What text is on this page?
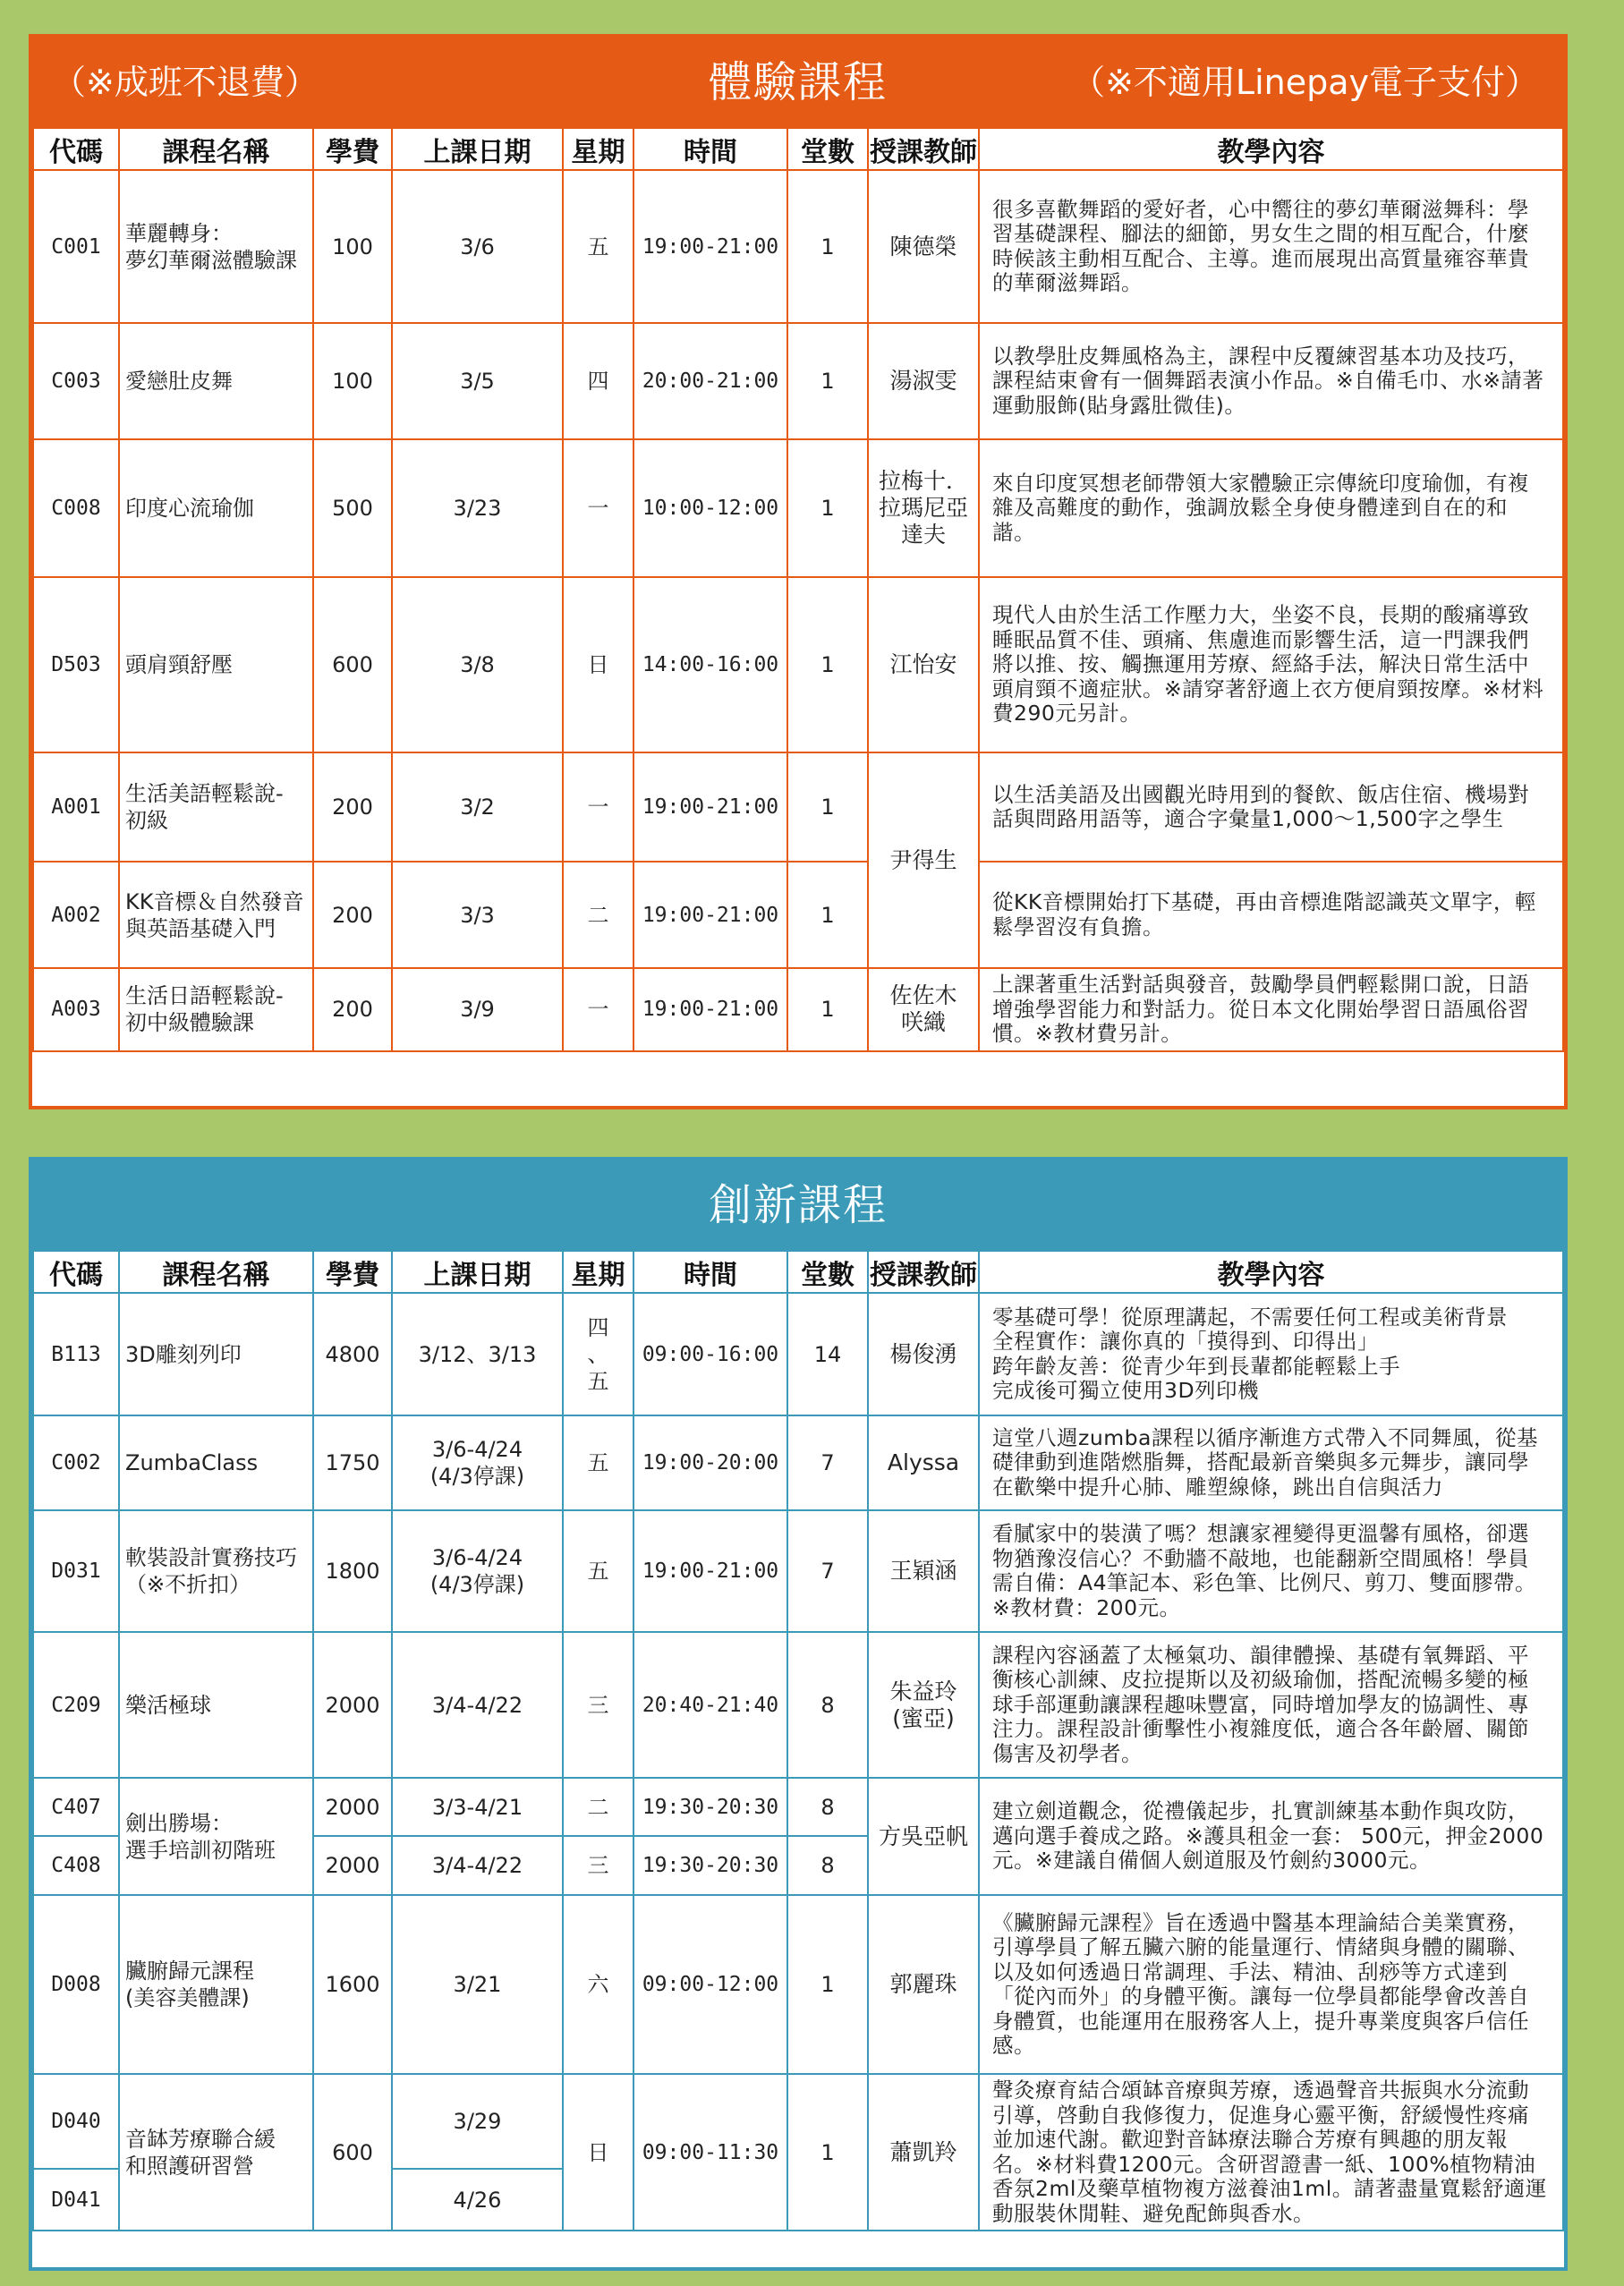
（※成班不退費）	體驗課程	（※不適用Linepay電子支付）
代碼	課程名稱	學費	上課日期	星期	時間	堂數	授課教師	教學內容
C001	華麗轉身：
夢幻華爾滋體驗課	100	3/6	五	19:00-21:00	1	陳德榮	很多喜歡舞蹈的愛好者，心中嚮往的夢幻華爾滋舞科：學習基礎課程、腳法的細節，男女生之間的相互配合，什麼時候該主動相互配合、主導。進而展現出高質量雍容華貴的華爾滋舞蹈。
C003	愛戀肚皮舞	100	3/5	四	20:00-21:00	1	湯淑雯	以教學肚皮舞風格為主，課程中反覆練習基本功及技巧，課程結束會有一個舞蹈表演小作品。※自備毛巾、水※請著運動服飾(貼身露肚微佳)。
C008	印度心流瑜伽	500	3/23	一	10:00-12:00	1	拉梅十．
拉瑪尼亞
達夫	來自印度冥想老師帶領大家體驗正宗傳統印度瑜伽，有複雜及高難度的動作，強調放鬆全身使身體達到自在的和諧。
D503	頭肩頸舒壓	600	3/8	日	14:00-16:00	1	江怡安	現代人由於生活工作壓力大，坐姿不良，長期的酸痛導致睡眠品質不佳、頭痛、焦慮進而影響生活，這一門課我們將以推、按、觸撫運用芳療、經絡手法，解決日常生活中頭肩頸不適症狀。※請穿著舒適上衣方便肩頸按摩。※材料費290元另計。
A001	生活美語輕鬆說-
初級	200	3/2	一	19:00-21:00	1	尹得生	以生活美語及出國觀光時用到的餐飲、飯店住宿、機場對話與問路用語等，適合字彙量1,000～1,500字之學生
A002	KK音標＆自然發音
與英語基礎入門	200	3/3	二	19:00-21:00	1		從KK音標開始打下基礎，再由音標進階認識英文單字，輕鬆學習沒有負擔。
A003	生活日語輕鬆說-
初中級體驗課	200	3/9	一	19:00-21:00	1	佐佐木
咲織	上課著重生活對話與發音，鼓勵學員們輕鬆開口說，日語增強學習能力和對話力。從日本文化開始學習日語風俗習慣。※教材費另計。
創新課程
代碼	課程名稱	學費	上課日期	星期	時間	堂數	授課教師	教學內容
B113	3D雕刻列印	4800	3/12、3/13	四
、
五	09:00-16:00	14	楊俊湧	零基礎可學！從原理講起，不需要任何工程或美術背景
全程實作：讓你真的「摸得到、印得出」
跨年齡友善：從青少年到長輩都能輕鬆上手
完成後可獨立使用3D列印機
C002	ZumbaClass	1750	3/6-4/24
(4/3停課)	五	19:00-20:00	7	Alyssa	這堂八週zumba課程以循序漸進方式帶入不同舞風，從基礎律動到進階燃脂舞，搭配最新音樂與多元舞步，讓同學在歡樂中提升心肺、雕塑線條，跳出自信與活力
D031	軟裝設計實務技巧
（※不折扣）	1800	3/6-4/24
(4/3停課)	五	19:00-21:00	7	王穎涵	看膩家中的裝潢了嗎？想讓家裡變得更溫馨有風格，卻選物猶豫沒信心？不動牆不敲地，也能翻新空間風格！學員需自備：A4筆記本、彩色筆、比例尺、剪刀、雙面膠帶。※教材費：200元。
C209	樂活極球	2000	3/4-4/22	三	20:40-21:40	8	朱益玲
(蜜亞)	課程內容涵蓋了太極氣功、韻律體操、基礎有氧舞蹈、平衡核心訓練、皮拉提斯以及初級瑜伽，搭配流暢多變的極球手部運動讓課程趣味豐富，同時增加學友的協調性、專注力。課程設計衝擊性小複雜度低，適合各年齡層、關節傷害及初學者。
C407	劍出勝場：
選手培訓初階班	2000	3/3-4/21	二	19:30-20:30	8	方吳亞帆	建立劍道觀念，從禮儀起步，扎實訓練基本動作與攻防，邁向選手養成之路。※護具租金一套： 500元，押金2000元。※建議自備個人劍道服及竹劍約3000元。
C408		2000	3/4-4/22	三	19:30-20:30	8		
D008	臟腑歸元課程
(美容美體課)	1600	3/21	六	09:00-12:00	1	郭麗珠	《臟腑歸元課程》旨在透過中醫基本理論結合美業實務，引導學員了解五臟六腑的能量運行、情緒與身體的關聯、以及如何透過日常調理、手法、精油、刮痧等方式達到「從內而外」的身體平衡。讓每一位學員都能學會改善自身體質，也能運用在服務客人上，提升專業度與客戶信任感。
D040	音缽芳療聯合緩
和照護研習營	600	3/29	日	09:00-11:30	1	蕭凱羚	聲灸療育結合頌缽音療與芳療，透過聲音共振與水分流動引導，啓動自我修復力，促進身心靈平衡，舒緩慢性疼痛並加速代謝。歡迎對音缽療法聯合芳療有興趣的朋友報名。※材料費1200元。含研習證書一紙、100%植物精油香氛2ml及藥草植物複方滋養油1ml。請著盡量寬鬆舒適運動服裝休閒鞋、避免配飾與香水。
D041			4/26					
